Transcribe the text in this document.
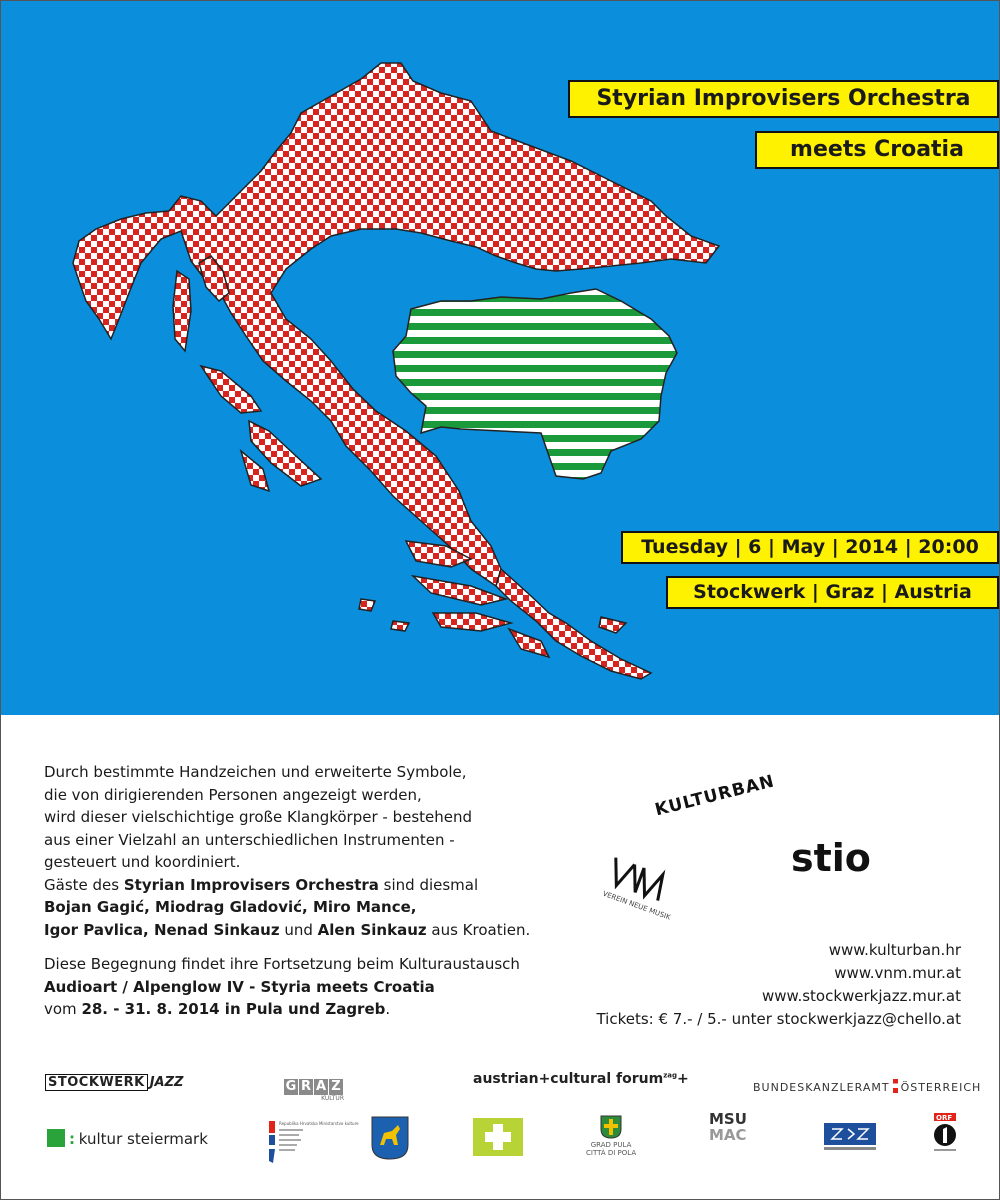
Styrian Improvisers Orchestra
meets Croatia
Tuesday | 6 | May | 2014 | 20:00
Stockwerk | Graz | Austria

Durch bestimmte Handzeichen und erweiterte Symbole,

die von dirigierenden Personen angezeigt werden,

wird dieser vielschichtige große Klangkörper - bestehend

aus einer Vielzahl an unterschiedlichen Instrumenten -

gesteuert und koordiniert.

Gäste des Styrian Improvisers Orchestra sind diesmal

Bojan Gagić, Miodrag Gladović, Miro Mance,

Igor Pavlica, Nenad Sinkauz und Alen Sinkauz aus Kroatien.

Diese Begegnung findet ihre Fortsetzung beim Kulturaustausch

Audioart / Alpenglow IV - Styria meets Croatia

vom 28. - 31. 8. 2014 in Pula und Zagreb.

KULTURBAN
VEREIN NEUE MUSIK
VNM	stio
www.kulturban.hr
www.vnm.mur.at
www.stockwerkjazz.mur.at
Tickets: € 7.- / 5.- unter stockwerkjazz@chello.at
STOCKWERK JAZZ	G R A Z
KULTUR
austrian+cultural forum$^{zag}$+
BUNDESKANZLERAMT ÖSTERREICH
: kultur steiermark
Republika Hrvatska Ministarstvo kulture
GRAD PULA
CITTÀ DI POLA
MSU
MAC
ORF
